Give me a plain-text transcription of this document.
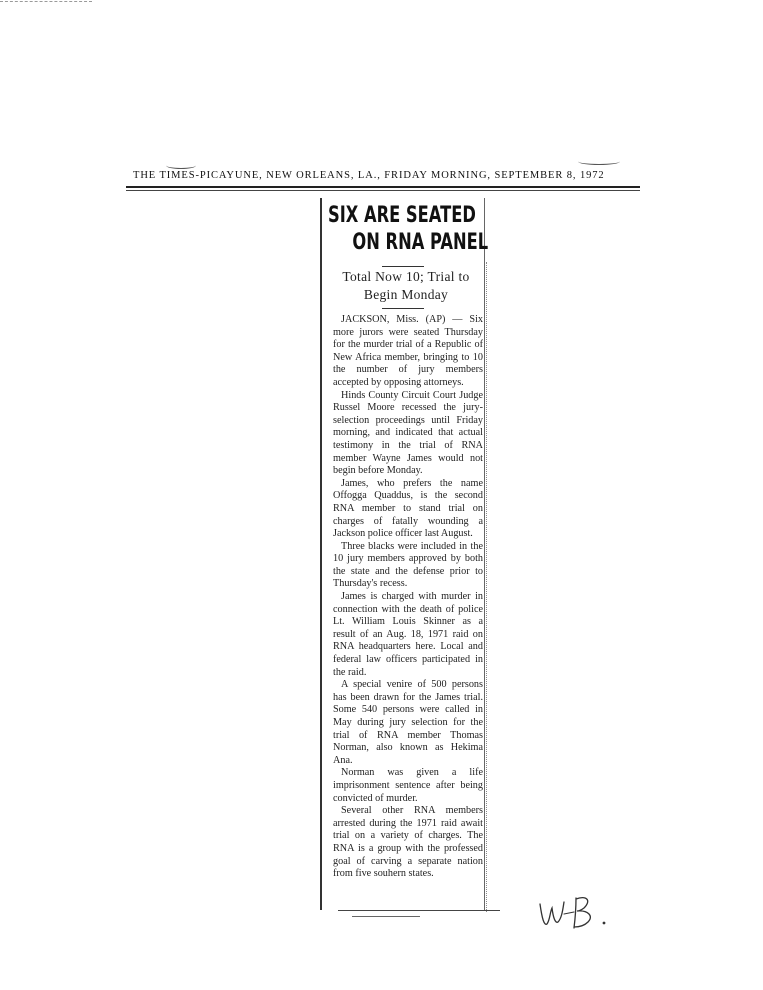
THE TIMES-PICAYUNE, NEW ORLEANS, LA., FRIDAY MORNING, SEPTEMBER 8, 1972
SIX ARE SEATED
ON RNA PANEL
Total Now 10; Trial to
Begin Monday

JACKSON, Miss. (AP) — Six more jurors were seated Thursday for the murder trial of a Republic of New Africa member, bringing to 10 the number of jury members accepted by opposing attorneys.

Hinds County Circuit Court Judge Russel Moore recessed the jury-selection proceedings until Friday morning, and indicated that actual testimony in the trial of RNA member Wayne James would not begin before Monday.

James, who prefers the name Offogga Quaddus, is the second RNA member to stand trial on charges of fatally wounding a Jackson police officer last August.

Three blacks were included in the 10 jury members approved by both the state and the defense prior to Thursday's recess.

James is charged with murder in connection with the death of police Lt. William Louis Skinner as a result of an Aug. 18, 1971 raid on RNA headquarters here. Local and federal law officers participated in the raid.

A special venire of 500 persons has been drawn for the James trial. Some 540 persons were called in May during jury selection for the trial of RNA member Thomas Norman, also known as Hekima Ana.

Norman was given a life imprisonment sentence after being convicted of murder.

Several other RNA members arrested during the 1971 raid await trial on a variety of charges. The RNA is a group with the professed goal of carving a separate nation from five souhern states.
